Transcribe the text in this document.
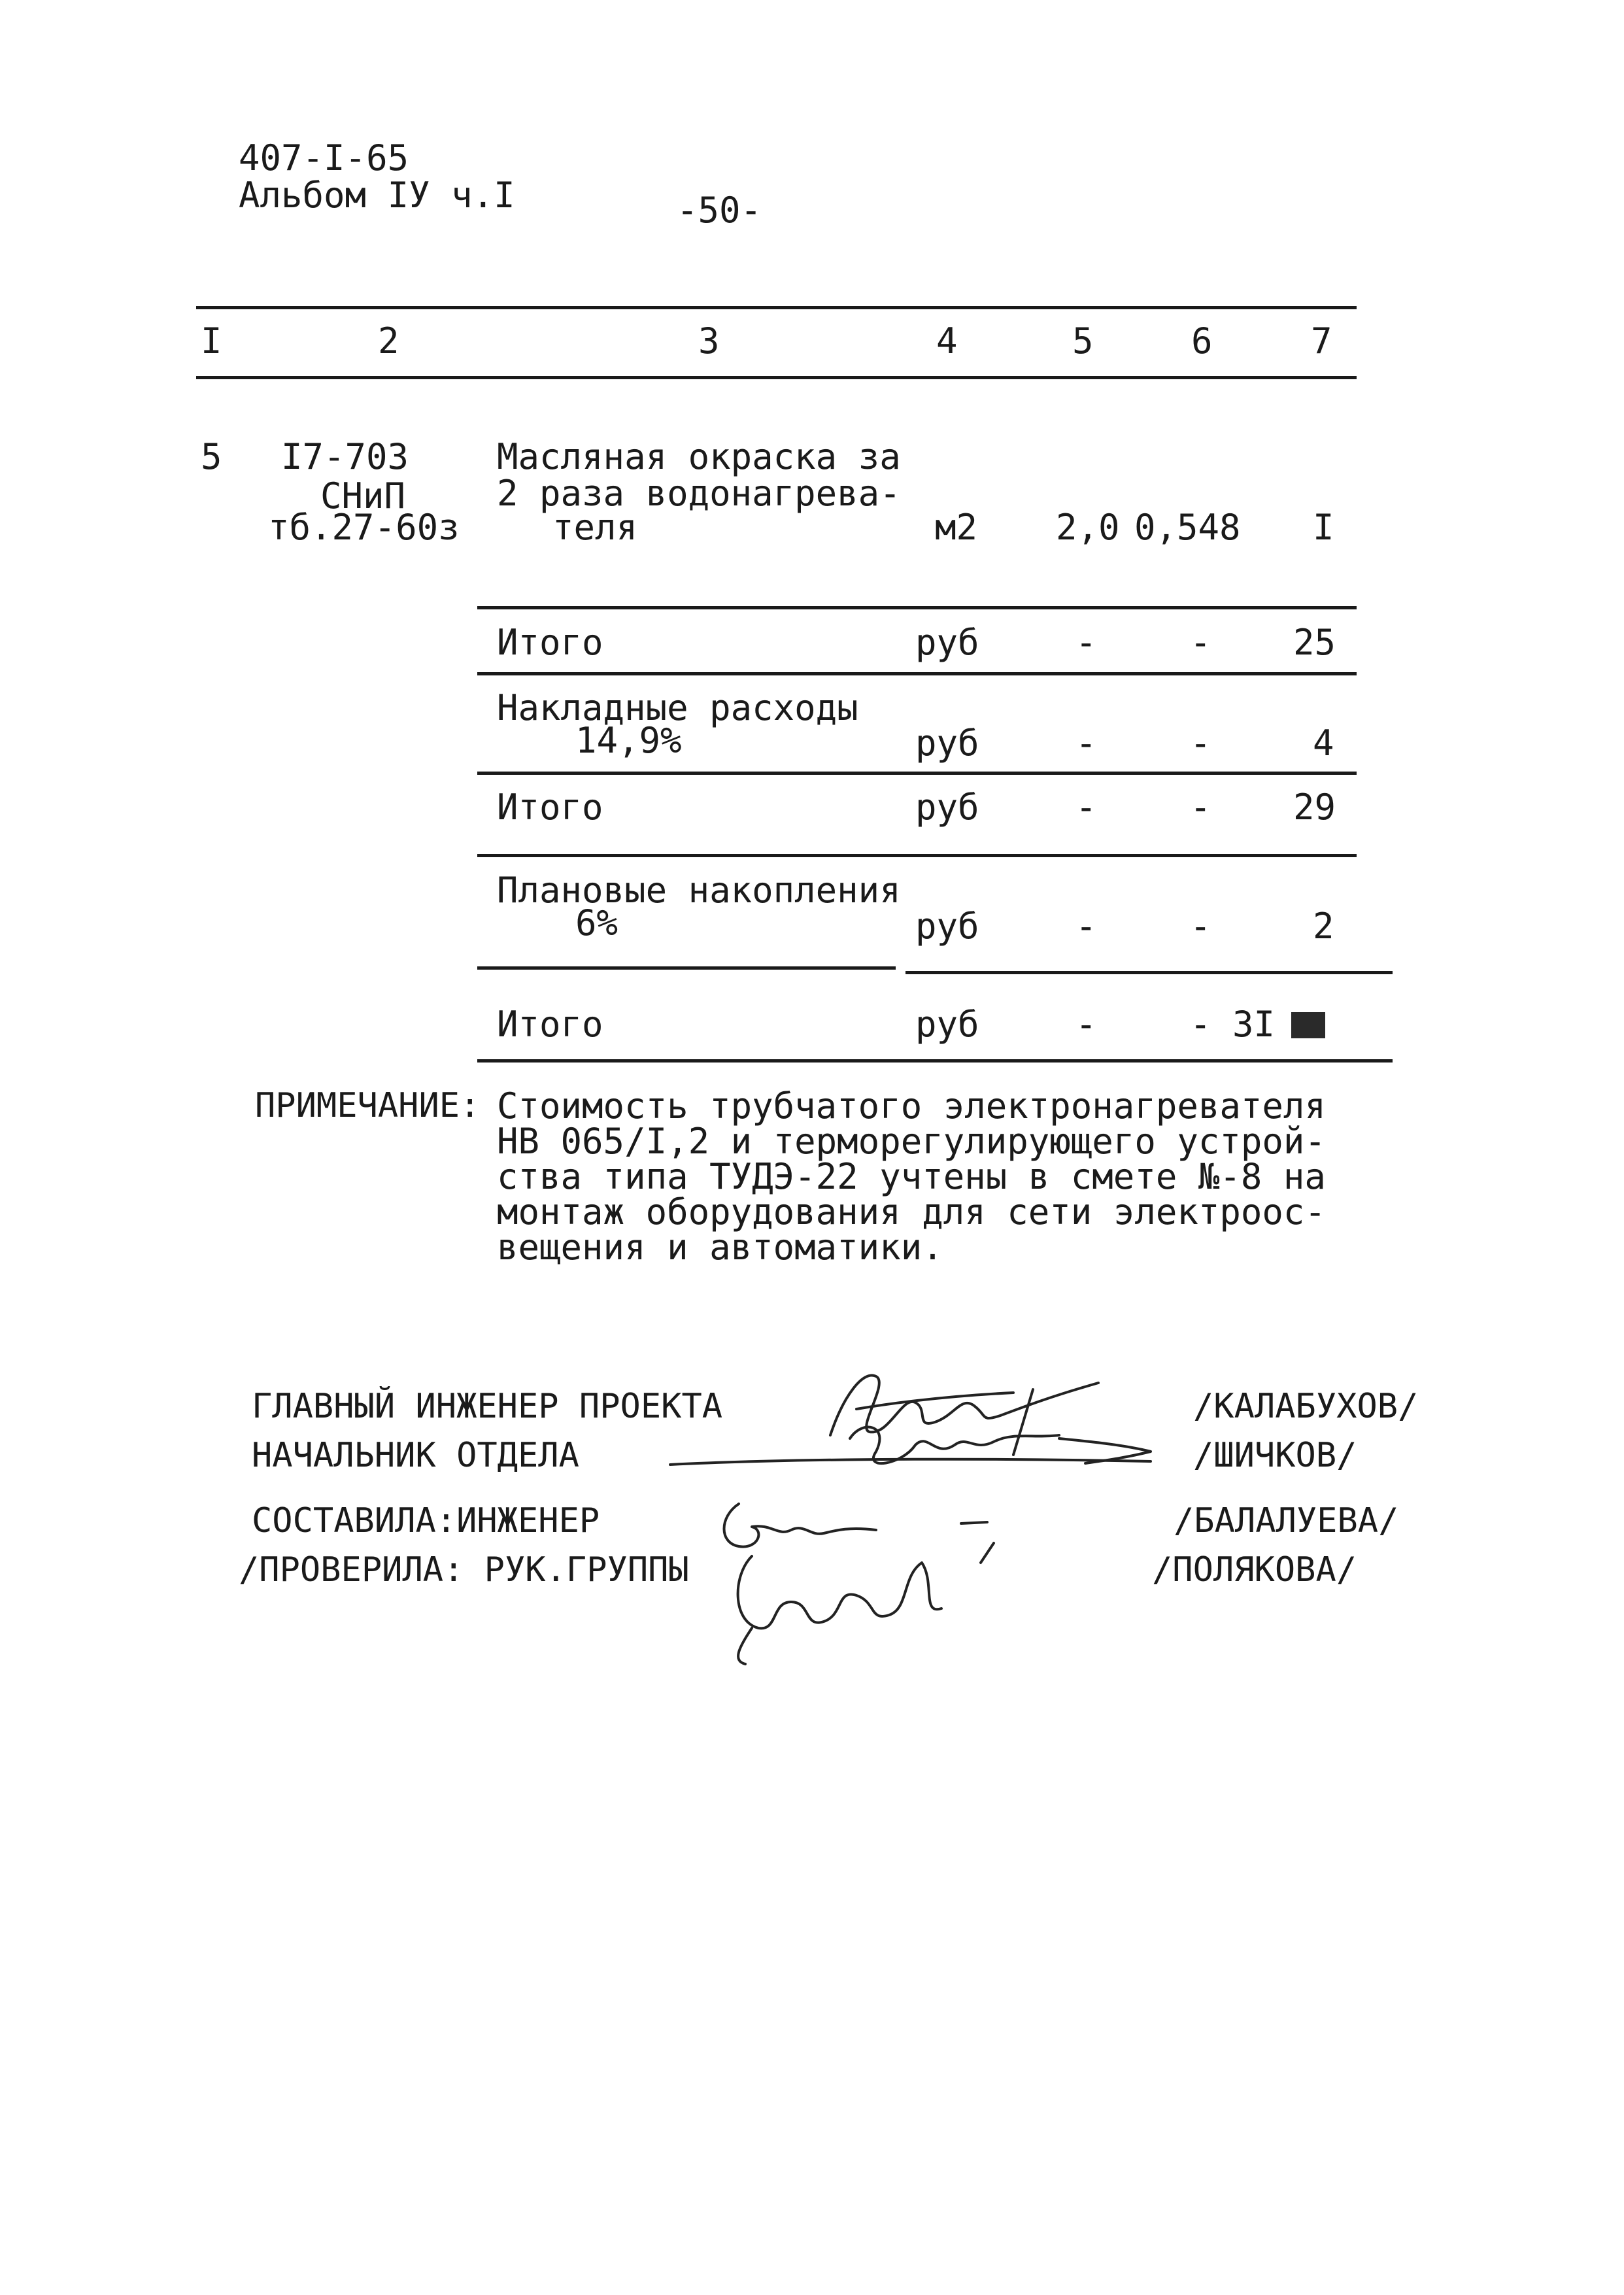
407-I-65
Альбом IУ ч.I	-50-
I	2	3	4	5	6	7
5 I7-703
СНиП
тб.27-60з
Масляная окраска за
2 раза водонагрева-
теля	м2 2,0 0,548 I
Итого	руб	-	- 25
Накладные расходы
14,9%	руб	-	-	4
Итого	руб	-	- 29
Плановые накопления
6%	руб	-	-	2
Итого	руб	-	- 3I
ПРИМЕЧАНИЕ: Стоимость трубчатого электронагревателя
НВ 065/I,2 и терморегулирующего устрой-
ства типа ТУДЭ-22 учтены в смете №-8 на
монтаж оборудования для сети электроос-
вещения и автоматики.
ГЛАВНЫЙ ИНЖЕНЕР ПРОЕКТА	/КАЛАБУХОВ/
НАЧАЛЬНИК ОТДЕЛА	/ШИЧКОВ/
СОСТАВИЛА:ИНЖЕНЕР	/БАЛАЛУЕВА/
/ПРОВЕРИЛА: РУК.ГРУППЫ	/ПОЛЯКОВА/
